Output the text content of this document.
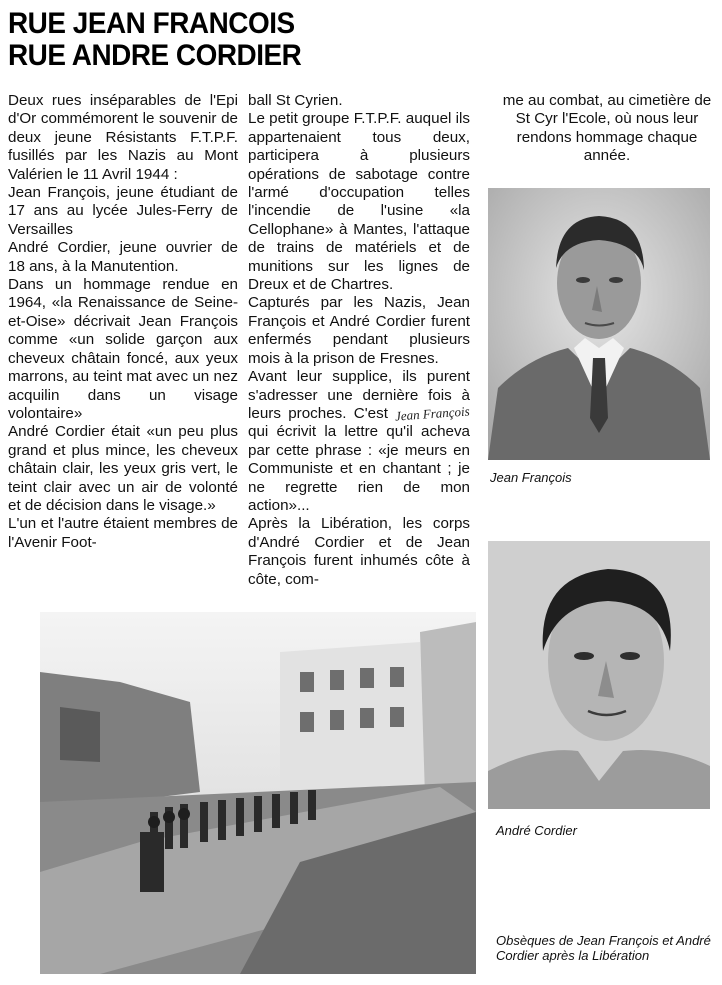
RUE JEAN FRANCOIS
RUE ANDRE CORDIER

Deux rues inséparables de l'Epi d'Or commémorent le souvenir de deux jeune Résistants F.T.P.F. fusillés par les Nazis au Mont Valérien le 11 Avril 1944 :

Jean François, jeune étudiant de 17 ans au lycée Jules-Ferry de Versailles

André Cordier, jeune ouvrier de 18 ans, à la Manutention.

Dans un hommage rendue en 1964, «la Renaissance de Seine-et-Oise» décrivait Jean François comme «un solide garçon aux cheveux châtain foncé, aux yeux marrons, au teint mat avec un nez acquilin dans un visage volontaire»

André Cordier était «un peu plus grand et plus mince, les cheveux châtain clair, les yeux gris vert, le teint clair avec un air de volonté et de décision dans le visage.»

L'un et l'autre étaient membres de l'Avenir Foot-

ball St Cyrien.

Le petit groupe F.T.P.F. auquel ils appartenaient tous deux, participera à plusieurs opérations de sabotage contre l'armé d'occupation telles l'incendie de l'usine «la Cellophane» à Mantes, l'attaque de trains de matériels et de munitions sur les lignes de Dreux et de Chartres.

Capturés par les Nazis, Jean François et André Cordier furent enfermés pendant plusieurs mois à la prison de Fresnes.

Avant leur supplice, ils purent s'adresser une dernière fois à leurs proches. C'est Jean François qui écrivit la lettre qu'il acheva par cette phrase : «je meurs en Communiste et en chantant ; je ne regrette rien de mon action»...

Après la Libération, les corps d'André Cordier et de Jean François furent inhumés côte à côte, com-

me au combat, au cimetière de St Cyr l'Ecole, où nous leur rendons hommage chaque année.

Jean François
André Cordier
Obsèques de Jean François et André Cordier après la Libération
